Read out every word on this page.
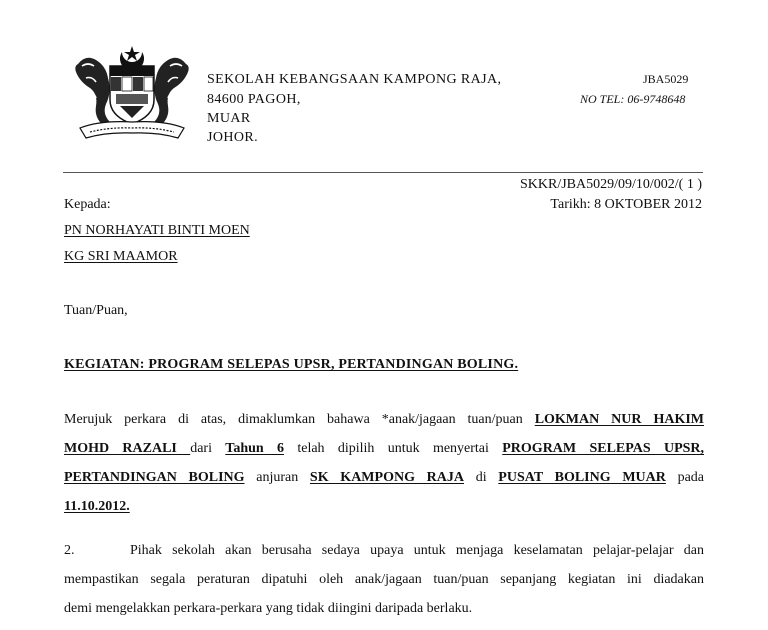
SEKOLAH KEBANGSAAN KAMPONG RAJA,
84600 PAGOH,
MUAR
JOHOR.
JBA5029
NO TEL: 06-9748648
SKKR/JBA5029/09/10/002/( 1 )
Kepada:	Tarikh: 8 OKTOBER 2012
PN NORHAYATI BINTI MOEN
KG SRI MAAMOR
Tuan/Puan,
KEGIATAN: PROGRAM SELEPAS UPSR, PERTANDINGAN BOLING.
Merujuk perkara di atas, dimaklumkan bahawa *anak/jagaan tuan/puan LOKMAN NUR HAKIM
MOHD RAZALI dari Tahun 6 telah dipilih untuk menyertai PROGRAM SELEPAS UPSR,
PERTANDINGAN BOLING anjuran SK KAMPONG RAJA di PUSAT BOLING MUAR pada
11.10.2012.
2.	Pihak sekolah akan berusaha sedaya upaya untuk menjaga keselamatan pelajar-pelajar dan
mempastikan segala peraturan dipatuhi oleh anak/jagaan tuan/puan sepanjang kegiatan ini diadakan
demi mengelakkan perkara-perkara yang tidak diingini daripada berlaku.
